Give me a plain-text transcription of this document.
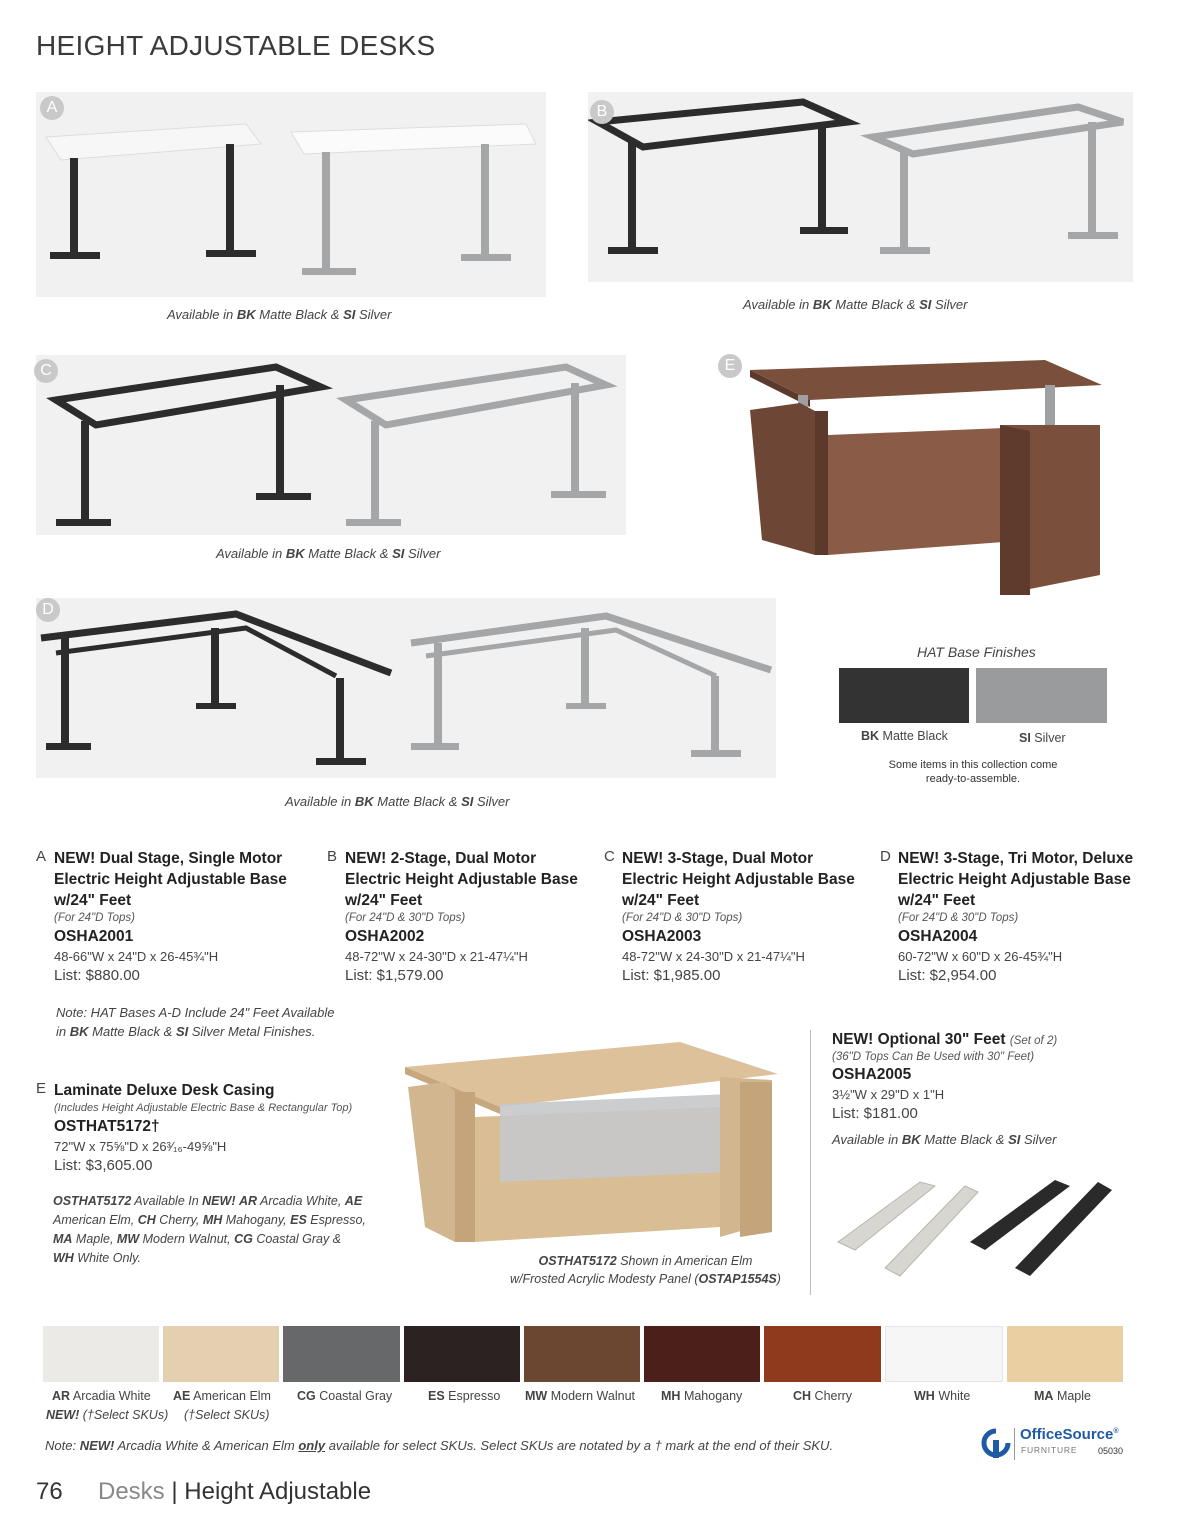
HEIGHT ADJUSTABLE DESKS
A
Available in BK Matte Black & SI Silver
B
Available in BK Matte Black & SI Silver
C
Available in BK Matte Black & SI Silver
E
D
Available in BK Matte Black & SI Silver
HAT Base Finishes
BK Matte Black	SI Silver
Some items in this collection come
ready-to-assemble.
A NEW! Dual Stage, Single Motor
Electric Height Adjustable Base
w/24" Feet
(For 24"D Tops)
OSHA2001
48-66"W x 24"D x 26-45¾"H
List: $880.00
B NEW! 2-Stage, Dual Motor
Electric Height Adjustable Base
w/24" Feet
(For 24"D & 30"D Tops)
OSHA2002
48-72"W x 24-30"D x 21-47¼"H
List: $1,579.00
C NEW! 3-Stage, Dual Motor
Electric Height Adjustable Base
w/24" Feet
(For 24"D & 30"D Tops)
OSHA2003
48-72"W x 24-30"D x 21-47¼"H
List: $1,985.00
D NEW! 3-Stage, Tri Motor, Deluxe
Electric Height Adjustable Base
w/24" Feet
(For 24"D & 30"D Tops)
OSHA2004
60-72"W x 60"D x 26-45¾"H
List: $2,954.00
Note: HAT Bases A-D Include 24" Feet Available
in BK Matte Black & SI Silver Metal Finishes.
E Laminate Deluxe Desk Casing
(Includes Height Adjustable Electric Base & Rectangular Top)
OSTHAT5172†
72"W x 75⅝"D x 26³⁄₁₆-49⅝"H
List: $3,605.00
OSTHAT5172 Available In NEW! AR Arcadia White, AE
American Elm, CH Cherry, MH Mahogany, ES Espresso,
MA Maple, MW Modern Walnut, CG Coastal Gray &
WH White Only.	OSTHAT5172 Shown in American Elm
w/Frosted Acrylic Modesty Panel (OSTAP1554S)
NEW! Optional 30" Feet (Set of 2)
(36"D Tops Can Be Used with 30" Feet)
OSHA2005
3½"W x 29"D x 1"H
List: $181.00
Available in BK Matte Black & SI Silver
AR Arcadia White
NEW! (†Select SKUs)
AE American Elm
(†Select SKUs)
CG Coastal Gray	ES Espresso MW Modern Walnut MH Mahogany	CH Cherry	WH White	MA Maple
Note: NEW! Arcadia White & American Elm only available for select SKUs. Select SKUs are notated by a † mark at the end of their SKU.
76 Desks | Height Adjustable
OfficeSource®
FURNITURE 05030
